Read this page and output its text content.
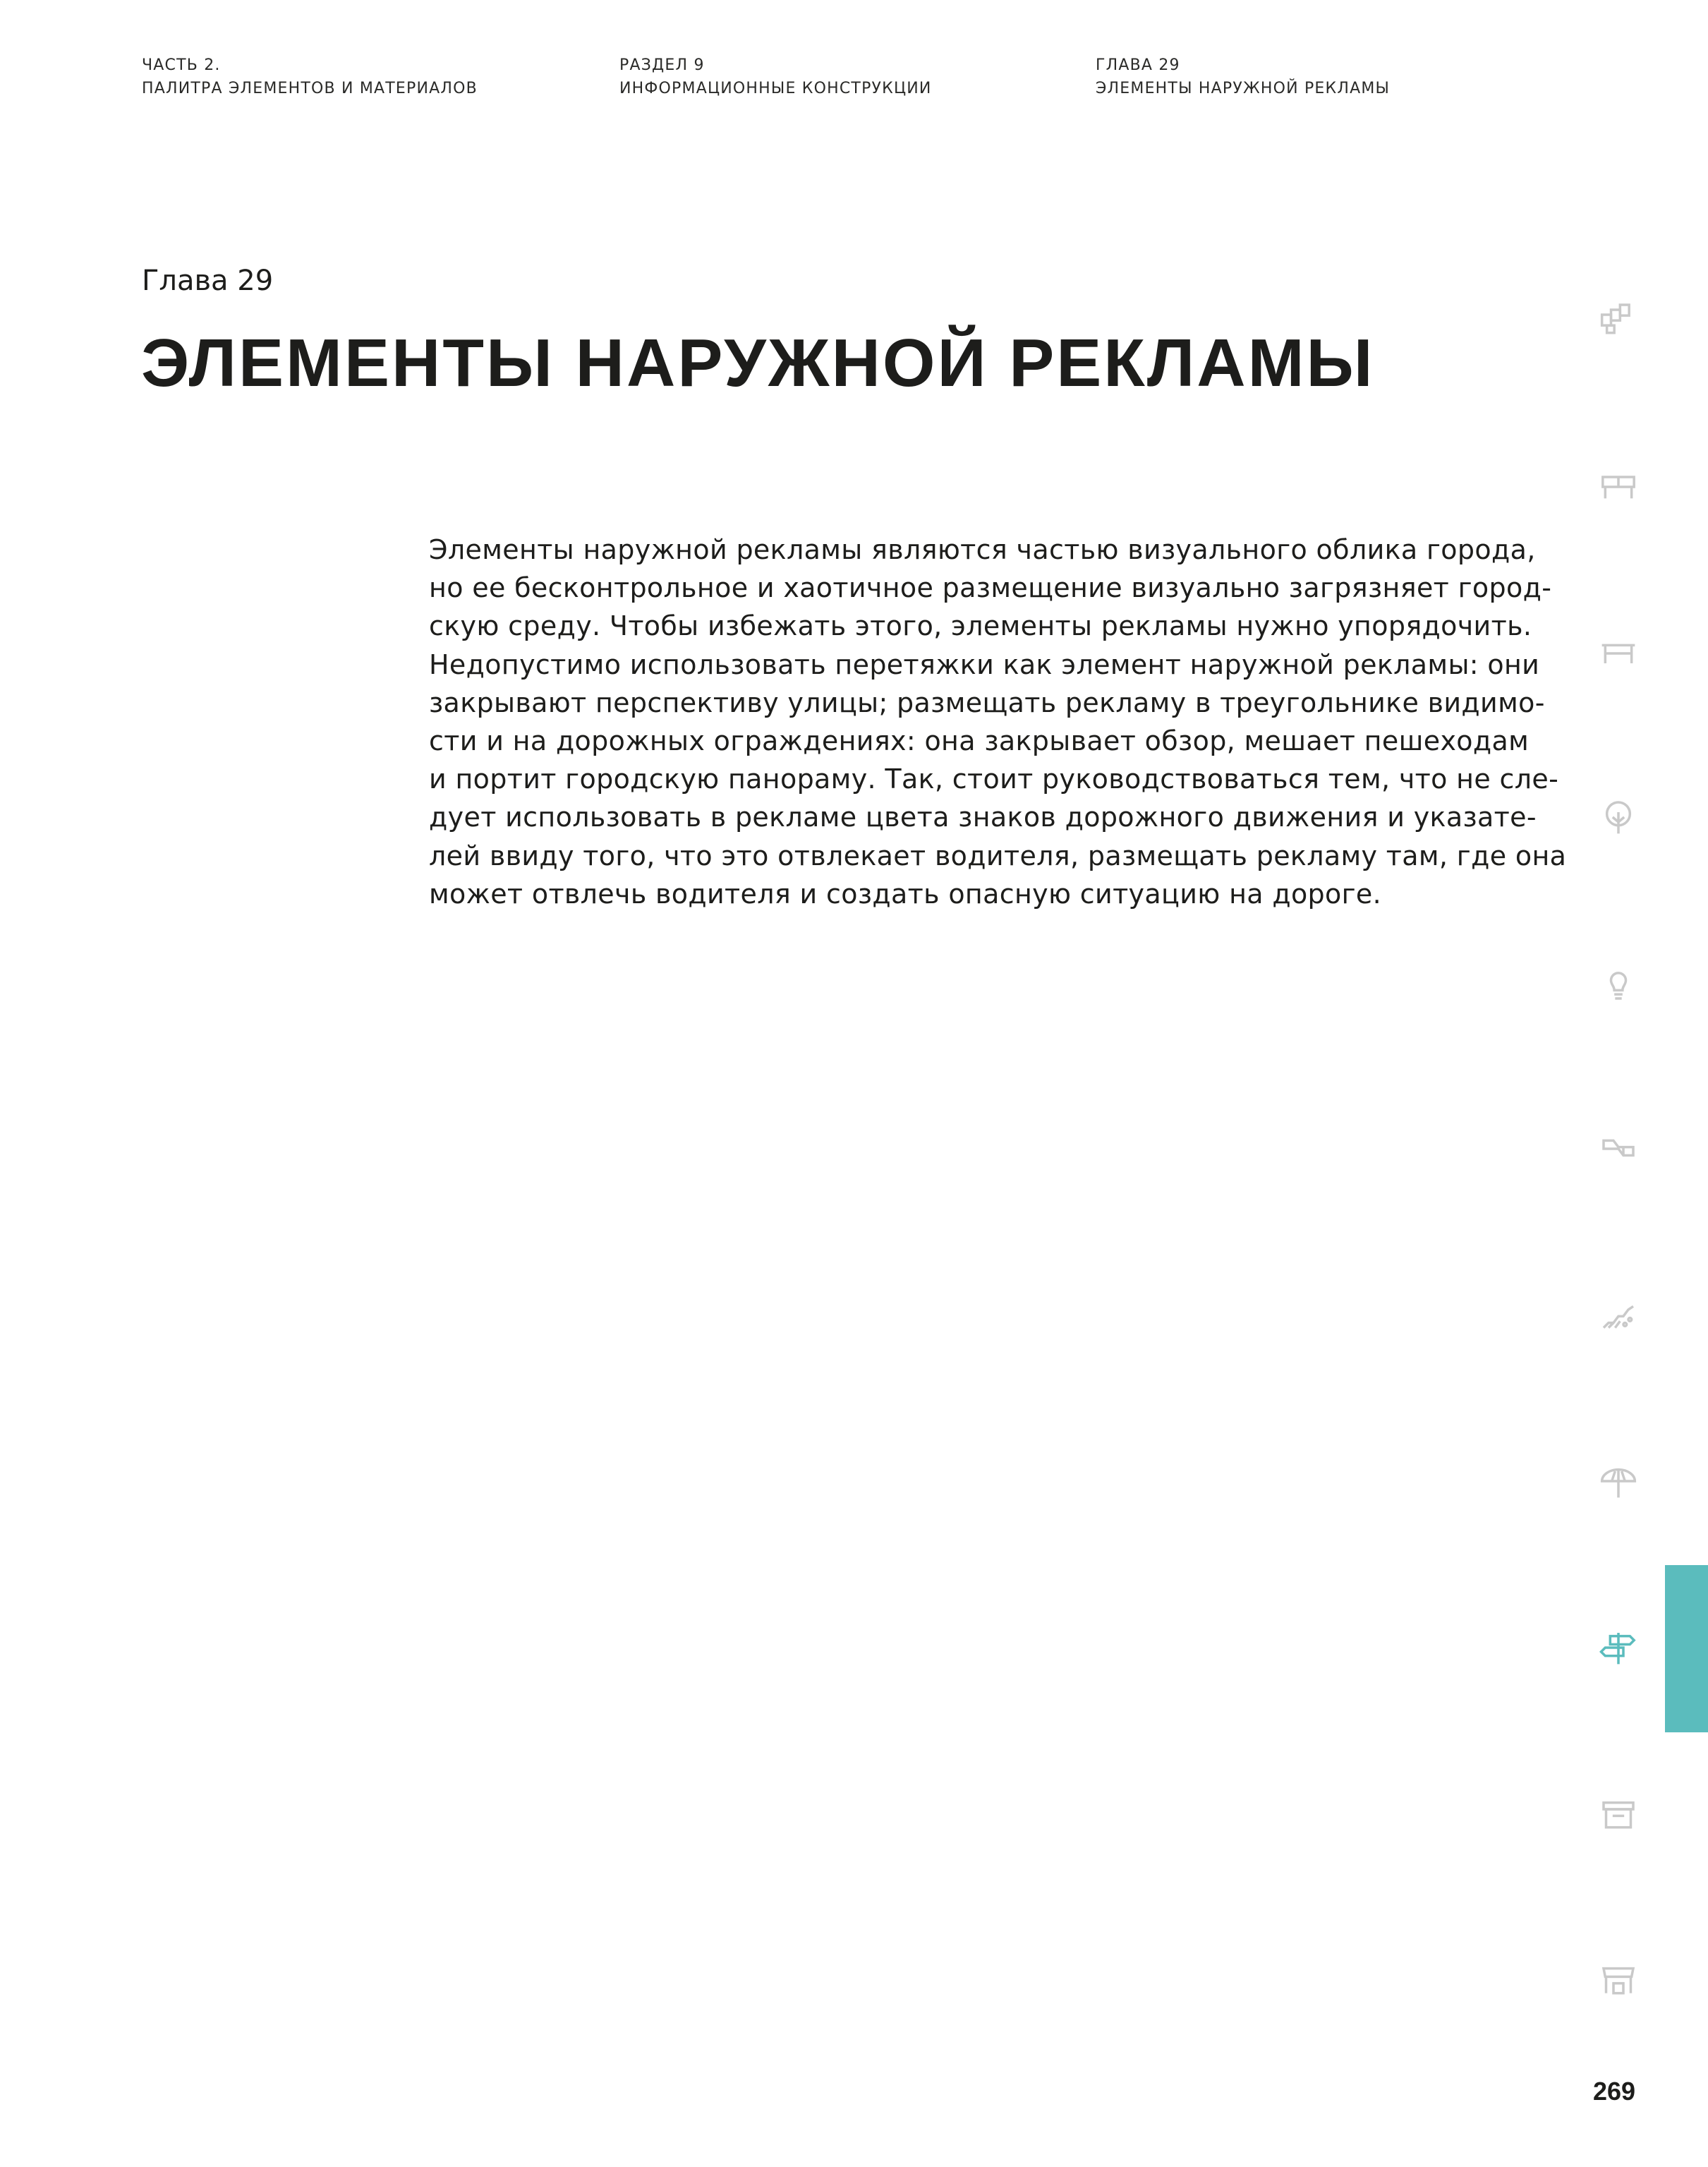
ЧАСТЬ 2.
ПАЛИТРА ЭЛЕМЕНТОВ И МАТЕРИАЛОВ
РАЗДЕЛ 9
ИНФОРМАЦИОННЫЕ КОНСТРУКЦИИ
ГЛАВА 29
ЭЛЕМЕНТЫ НАРУЖНОЙ РЕКЛАМЫ
Глава 29
ЭЛЕМЕНТЫ НАРУЖНОЙ РЕКЛАМЫ
Элементы наружной рекламы являются частью визуального облика города,
но ее бесконтрольное и хаотичное размещение визуально загрязняет город-
скую среду. Чтобы избежать этого, элементы рекламы нужно упорядочить.
Недопустимо использовать перетяжки как элемент наружной рекламы: они
закрывают перспективу улицы; размещать рекламу в треугольнике видимо-
сти и на дорожных ограждениях: она закрывает обзор, мешает пешеходам
и портит городскую панораму. Так, стоит руководствоваться тем, что не сле-
дует использовать в рекламе цвета знаков дорожного движения и указате-
лей ввиду того, что это отвлекает водителя, размещать рекламу там, где она
может отвлечь водителя и создать опасную ситуацию на дороге.
269
